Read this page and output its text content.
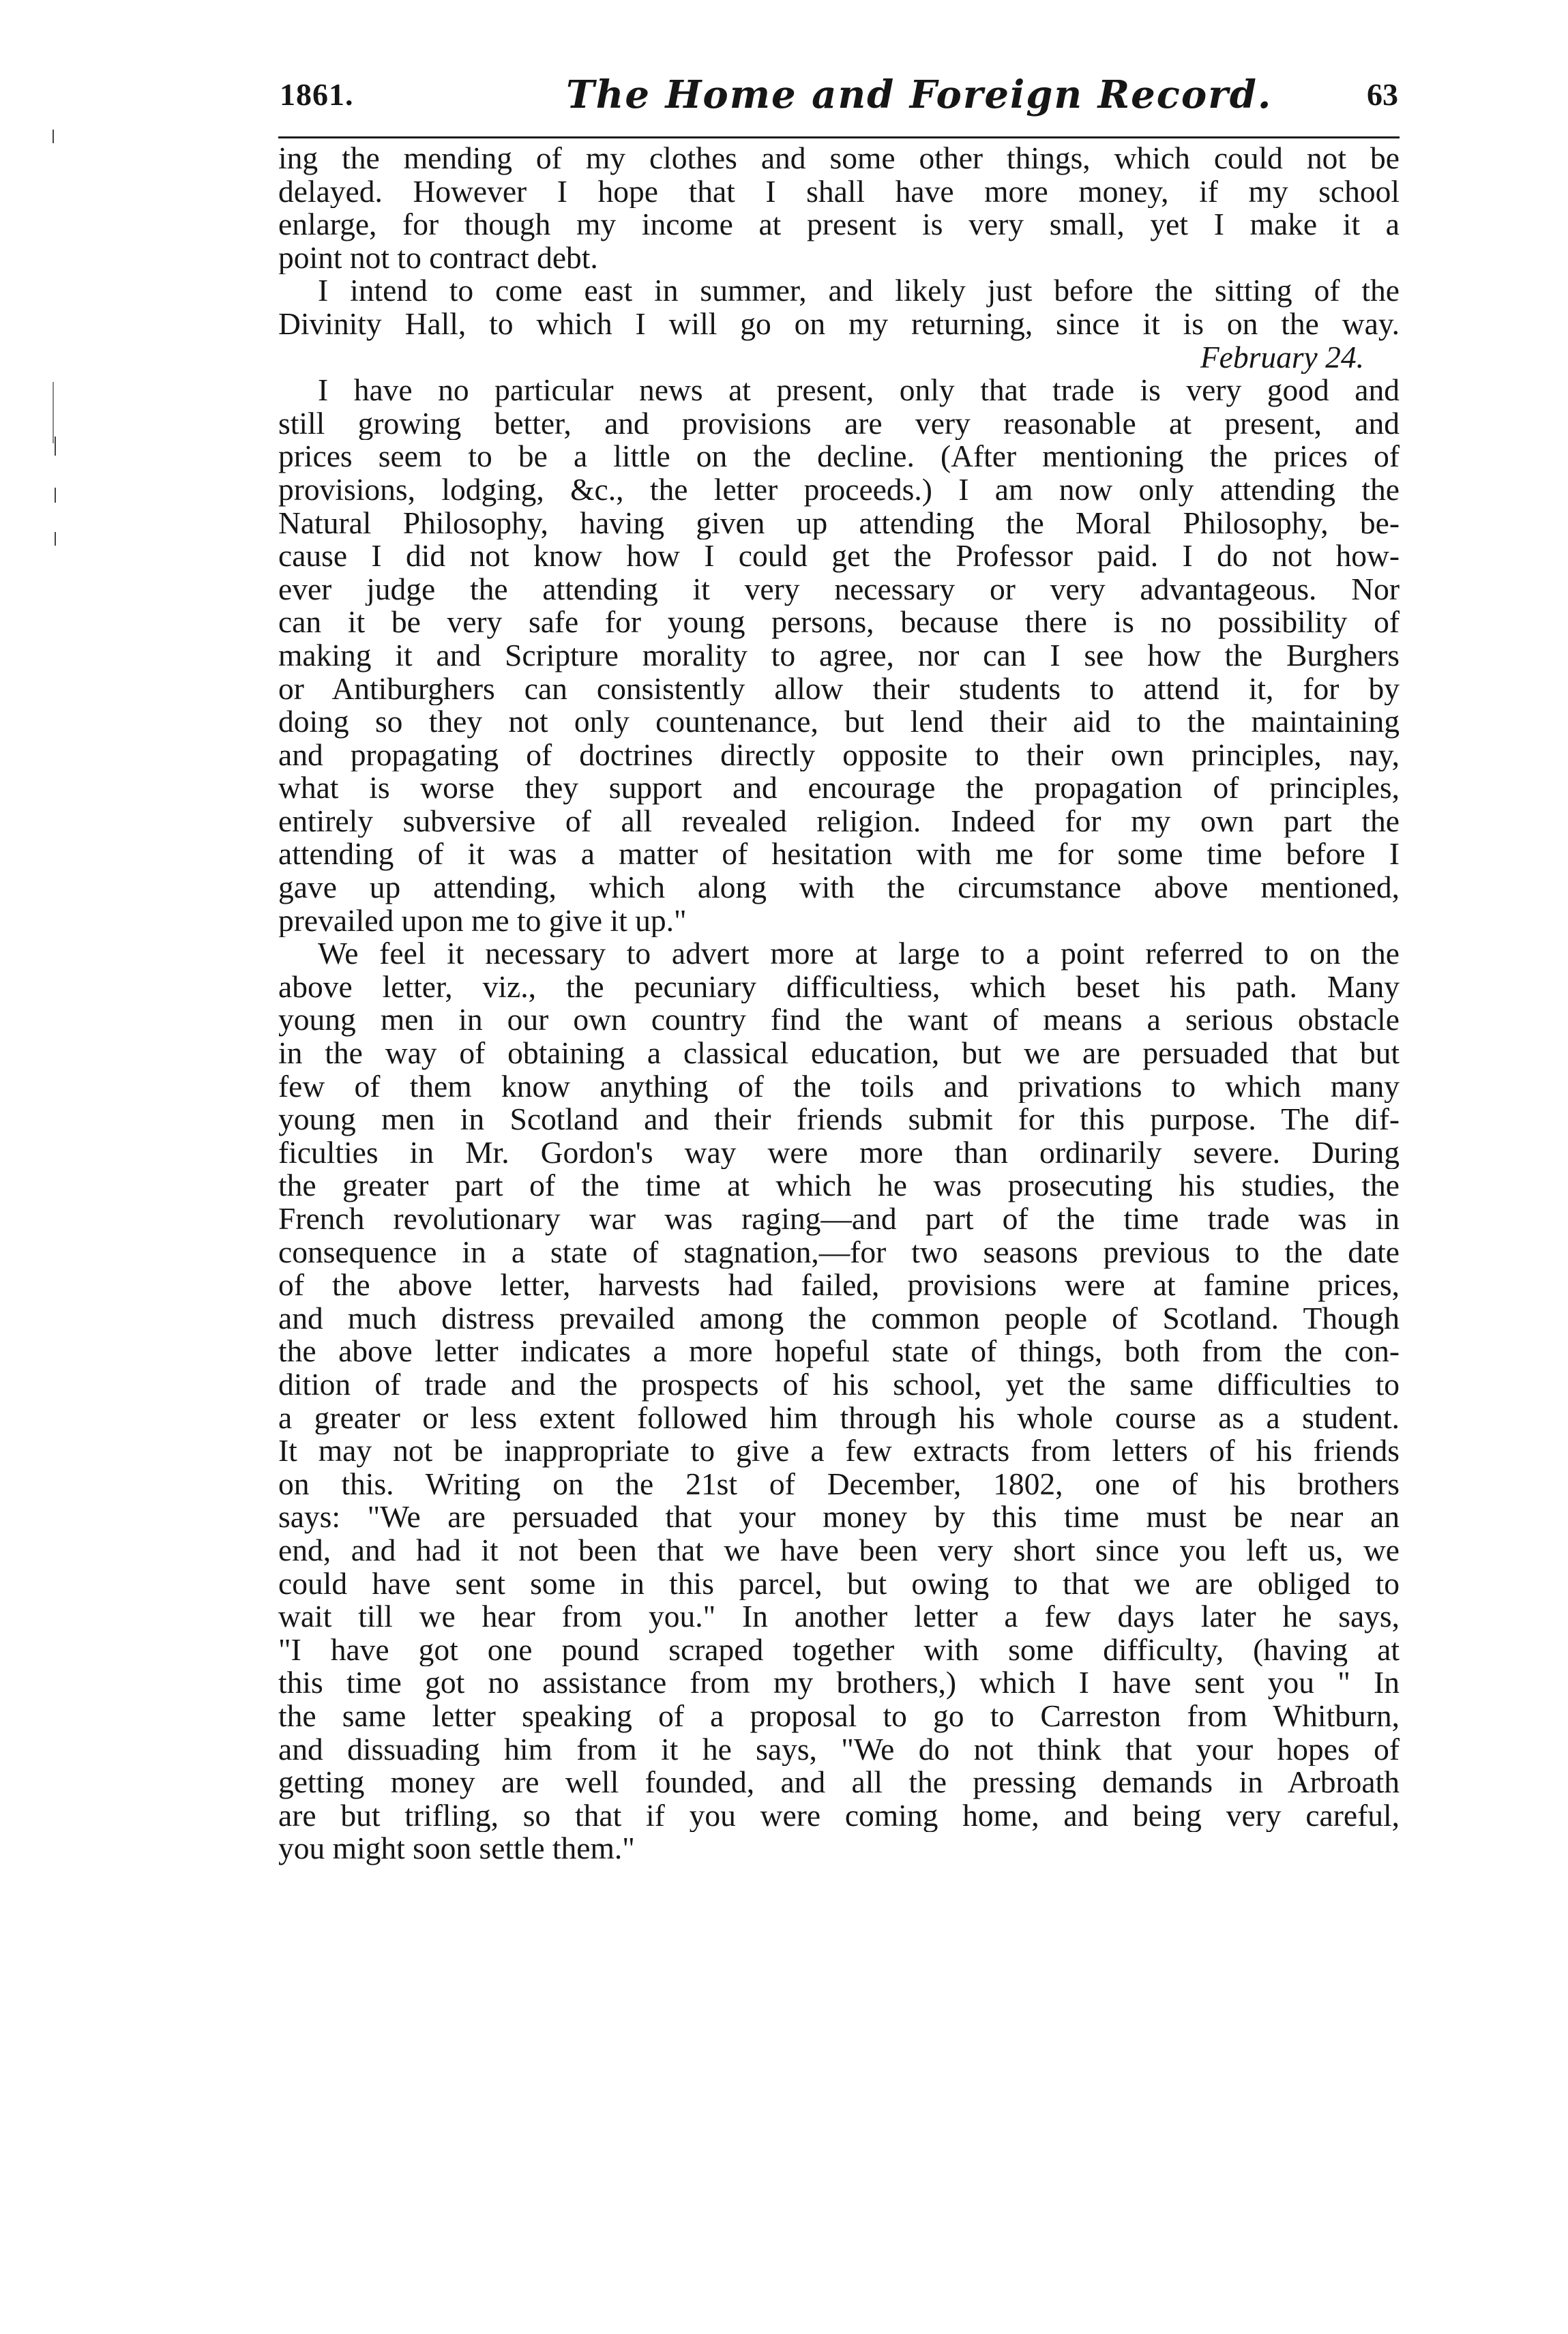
1861.	The Home and Foreign Record.	63
ing the mending of my clothes and some other things, which could not be
delayed. However I hope that I shall have more money, if my school
enlarge, for though my income at present is very small, yet I make it a
point not to contract debt.
I intend to come east in summer, and likely just before the sitting of the
Divinity Hall, to which I will go on my returning, since it is on the way.
February 24.
I have no particular news at present, only that trade is very good and
still growing better, and provisions are very reasonable at present, and
prices seem to be a little on the decline. (After mentioning the prices of
provisions, lodging, &c., the letter proceeds.) I am now only attending the
Natural Philosophy, having given up attending the Moral Philosophy, be-
cause I did not know how I could get the Professor paid. I do not how-
ever judge the attending it very necessary or very advantageous. Nor
can it be very safe for young persons, because there is no possibility of
making it and Scripture morality to agree, nor can I see how the Burghers
or Antiburghers can consistently allow their students to attend it, for by
doing so they not only countenance, but lend their aid to the maintaining
and propagating of doctrines directly opposite to their own principles, nay,
what is worse they support and encourage the propagation of principles,
entirely subversive of all revealed religion. Indeed for my own part the
attending of it was a matter of hesitation with me for some time before I
gave up attending, which along with the circumstance above mentioned,
prevailed upon me to give it up."
We feel it necessary to advert more at large to a point referred to on the
above letter, viz., the pecuniary difficultiess, which beset his path. Many
young men in our own country find the want of means a serious obstacle
in the way of obtaining a classical education, but we are persuaded that but
few of them know anything of the toils and privations to which many
young men in Scotland and their friends submit for this purpose. The dif-
ficulties in Mr. Gordon's way were more than ordinarily severe. During
the greater part of the time at which he was prosecuting his studies, the
French revolutionary war was raging—and part of the time trade was in
consequence in a state of stagnation,—for two seasons previous to the date
of the above letter, harvests had failed, provisions were at famine prices,
and much distress prevailed among the common people of Scotland. Though
the above letter indicates a more hopeful state of things, both from the con-
dition of trade and the prospects of his school, yet the same difficulties to
a greater or less extent followed him through his whole course as a student.
It may not be inappropriate to give a few extracts from letters of his friends
on this. Writing on the 21st of December, 1802, one of his brothers
says: "We are persuaded that your money by this time must be near an
end, and had it not been that we have been very short since you left us, we
could have sent some in this parcel, but owing to that we are obliged to
wait till we hear from you." In another letter a few days later he says,
"I have got one pound scraped together with some difficulty, (having at
this time got no assistance from my brothers,) which I have sent you " In
the same letter speaking of a proposal to go to Carreston from Whitburn,
and dissuading him from it he says, "We do not think that your hopes of
getting money are well founded, and all the pressing demands in Arbroath
are but trifling, so that if you were coming home, and being very careful,
you might soon settle them."
